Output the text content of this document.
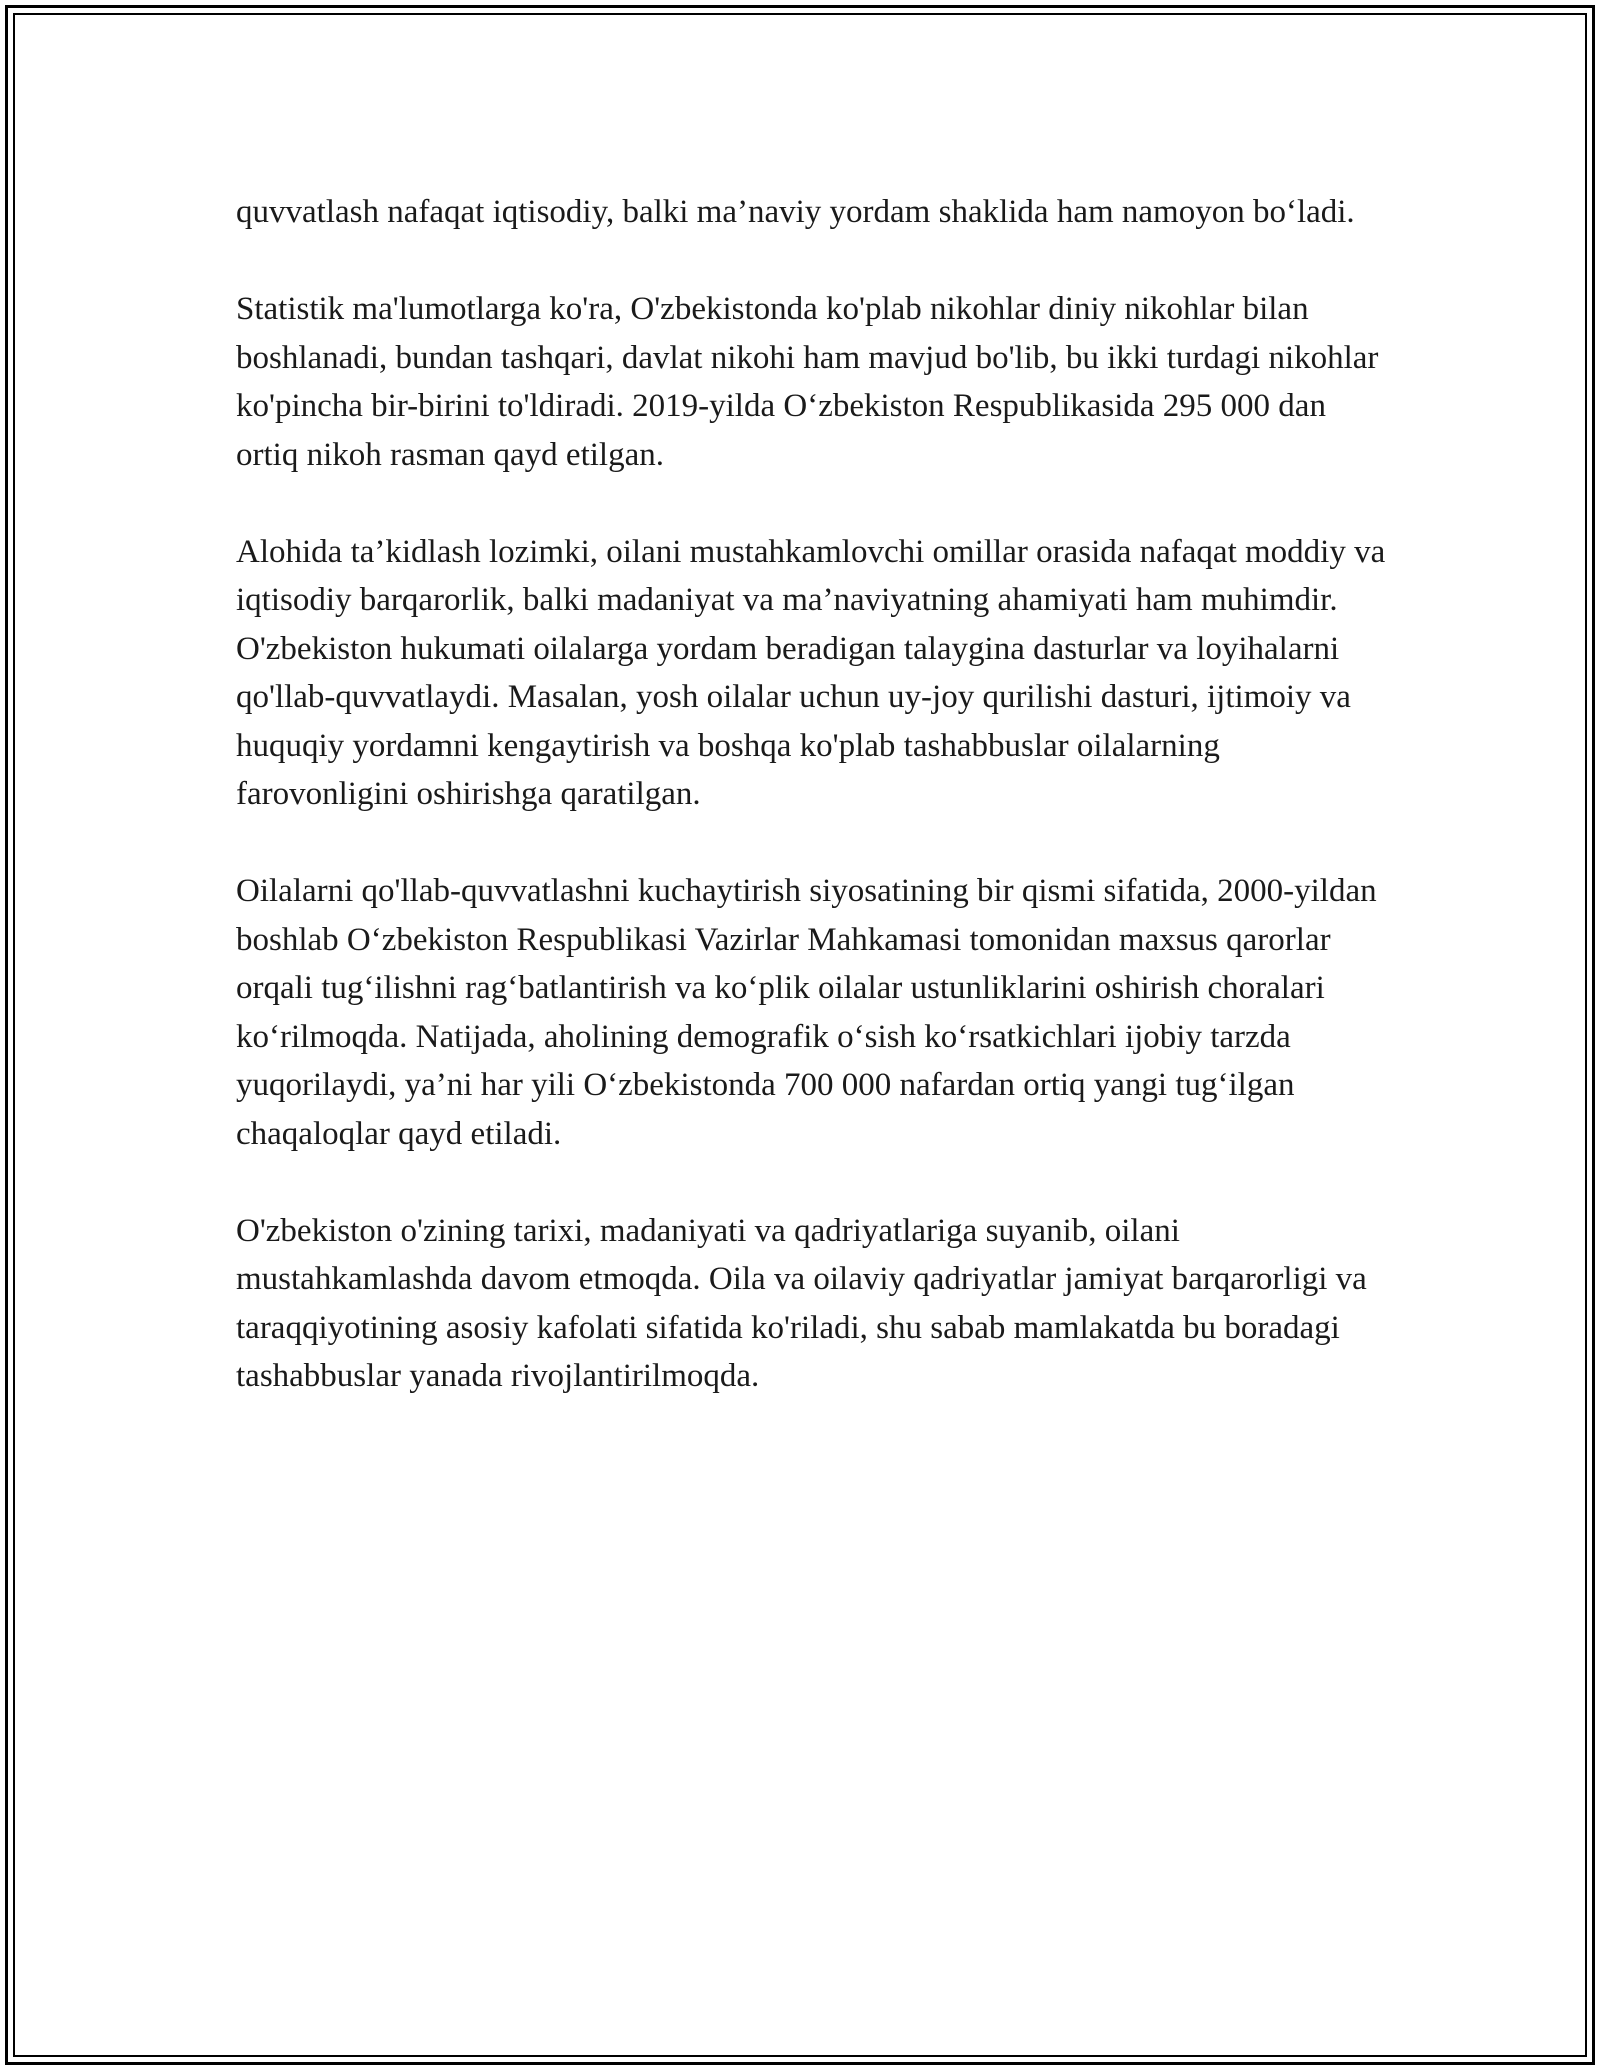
quvvatlash nafaqat iqtisodiy, balki ma’naviy yordam shaklida ham namoyon bo‘ladi.

Statistik ma'lumotlarga ko'ra, O'zbekistonda ko'plab nikohlar diniy nikohlar bilan boshlanadi, bundan tashqari, davlat nikohi ham mavjud bo'lib, bu ikki turdagi nikohlar ko'pincha bir-birini to'ldiradi. 2019-yilda O‘zbekiston Respublikasida 295 000 dan ortiq nikoh rasman qayd etilgan.

Alohida ta’kidlash lozimki, oilani mustahkamlovchi omillar orasida nafaqat moddiy va iqtisodiy barqarorlik, balki madaniyat va ma’naviyatning ahamiyati ham muhimdir. O'zbekiston hukumati oilalarga yordam beradigan talaygina dasturlar va loyihalarni qo'llab-quvvatlaydi. Masalan, yosh oilalar uchun uy-joy qurilishi dasturi, ijtimoiy va huquqiy yordamni kengaytirish va boshqa ko'plab tashabbuslar oilalarning farovonligini oshirishga qaratilgan.

Oilalarni qo'llab-quvvatlashni kuchaytirish siyosatining bir qismi sifatida, 2000-yildan boshlab O‘zbekiston Respublikasi Vazirlar Mahkamasi tomonidan maxsus qarorlar orqali tug‘ilishni rag‘batlantirish va ko‘plik oilalar ustunliklarini oshirish choralari ko‘rilmoqda. Natijada, aholining demografik o‘sish ko‘rsatkichlari ijobiy tarzda yuqorilaydi, ya’ni har yili O‘zbekistonda 700 000 nafardan ortiq yangi tug‘ilgan chaqaloqlar qayd etiladi.

O'zbekiston o'zining tarixi, madaniyati va qadriyatlariga suyanib, oilani mustahkamlashda davom etmoqda. Oila va oilaviy qadriyatlar jamiyat barqarorligi va taraqqiyotining asosiy kafolati sifatida ko'riladi, shu sabab mamlakatda bu boradagi tashabbuslar yanada rivojlantirilmoqda.
